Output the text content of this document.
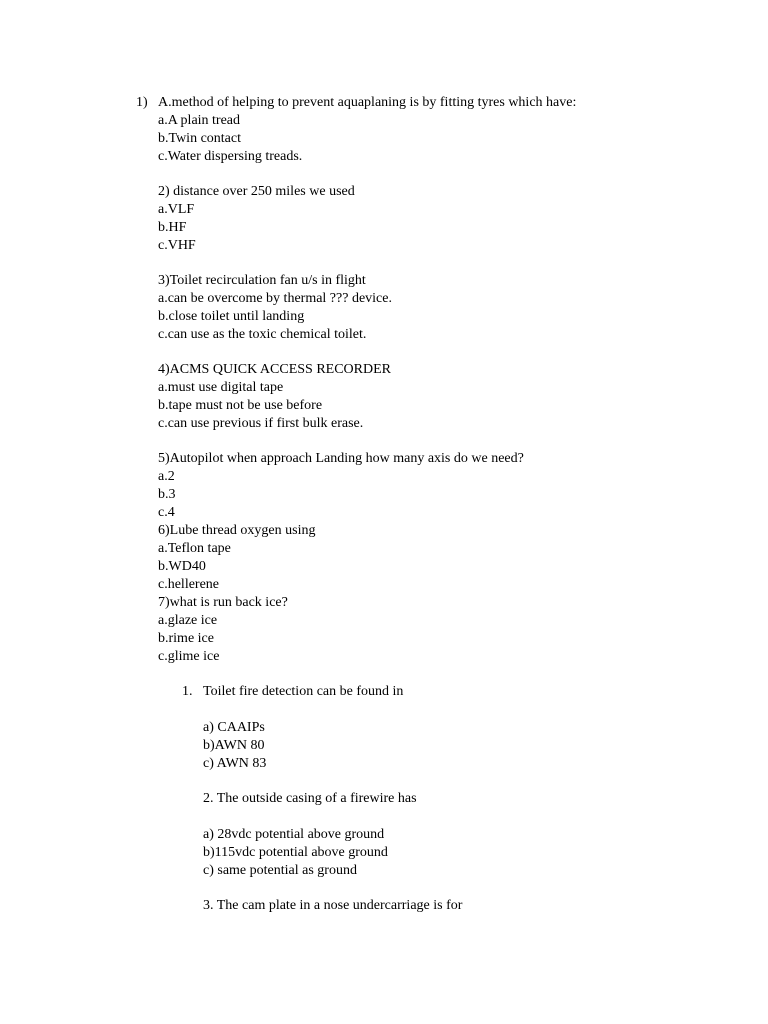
1) A.method of helping to prevent aquaplaning is by fitting tyres which have:
a.A plain tread
b.Twin contact
c.Water dispersing treads.
2) distance over 250 miles we used
a.VLF
b.HF
c.VHF
3)Toilet recirculation fan u/s in flight
a.can be overcome by thermal ??? device.
b.close toilet until landing
c.can use as the toxic chemical toilet.
4)ACMS QUICK ACCESS RECORDER
a.must use digital tape
b.tape must not be use before
c.can use previous if first bulk erase.
5)Autopilot when approach Landing how many axis do we need?
a.2
b.3
c.4
6)Lube thread oxygen using
a.Teflon tape
b.WD40
c.hellerene
7)what is run back ice?
a.glaze ice
b.rime ice
c.glime ice
1. Toilet fire detection can be found in
a) CAAIPs
b)AWN 80
c) AWN 83
2. The outside casing of a firewire has
a) 28vdc potential above ground
b)115vdc potential above ground
c) same potential as ground
3. The cam plate in a nose undercarriage is for
